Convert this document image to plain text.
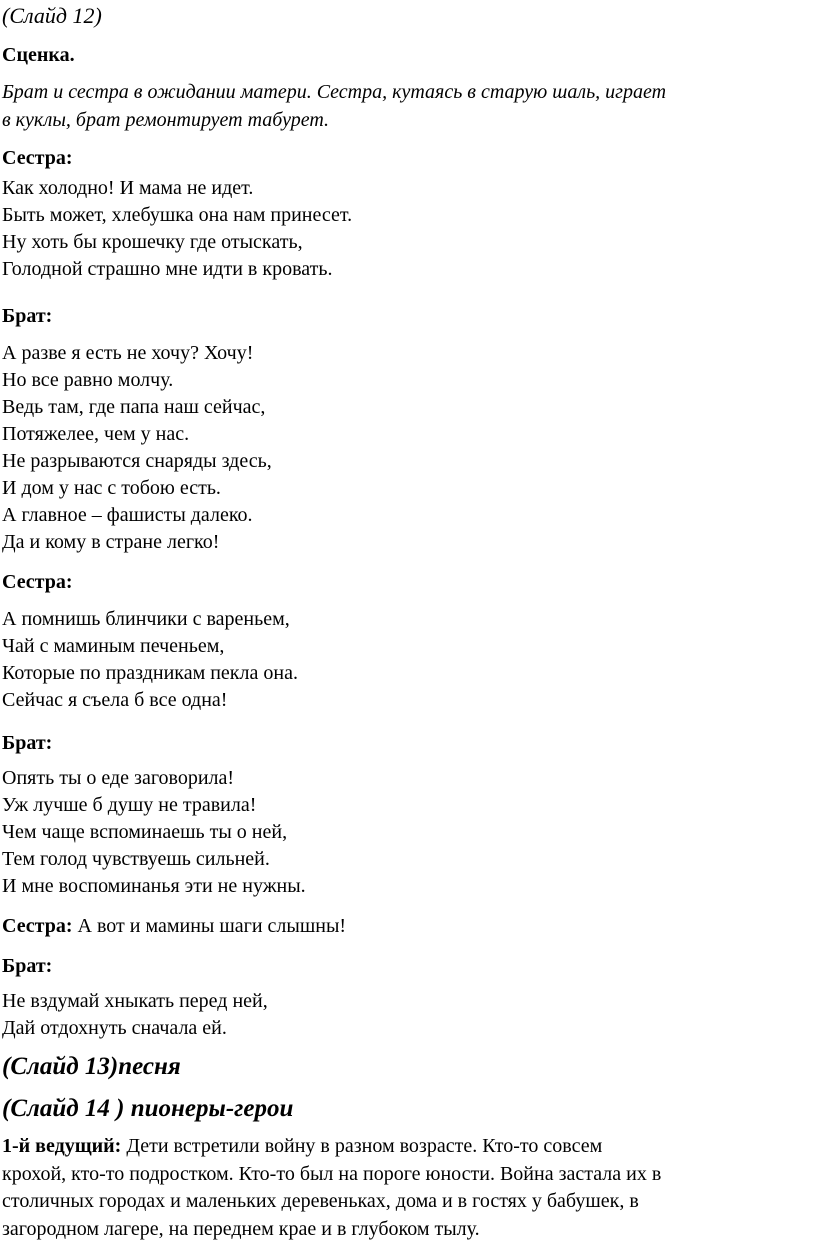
(Слайд 12)
Сценка.
Брат и сестра в ожидании матери. Сестра, кутаясь в старую шаль, играет
в куклы, брат ремонтирует табурет.
Сестра:
Как холодно! И мама не идет.
Быть может, хлебушка она нам принесет.
Ну хоть бы крошечку где отыскать,
Голодной страшно мне идти в кровать.
Брат:
А разве я есть не хочу? Хочу!
Но все равно молчу.
Ведь там, где папа наш сейчас,
Потяжелее, чем у нас.
Не разрываются снаряды здесь,
И дом у нас с тобою есть.
А главное – фашисты далеко.
Да и кому в стране легко!
Сестра:
А помнишь блинчики с вареньем,
Чай с маминым печеньем,
Которые по праздникам пекла она.
Сейчас я съела б все одна!
Брат:
Опять ты о еде заговорила!
Уж лучше б душу не травила!
Чем чаще вспоминаешь ты о ней,
Тем голод чувствуешь сильней.
И мне воспоминанья эти не нужны.
Сестра: А вот и мамины шаги слышны!
Брат:
Не вздумай хныкать перед ней,
Дай отдохнуть сначала ей.
(Слайд 13)песня
(Слайд 14 ) пионеры-герои
1-й ведущий: Дети встретили войну в разном возрасте. Кто-то совсем
крохой, кто-то подростком. Кто-то был на пороге юности. Война застала их в
столичных городах и маленьких деревеньках, дома и в гостях у бабушек, в
загородном лагере, на переднем крае и в глубоком тылу.
